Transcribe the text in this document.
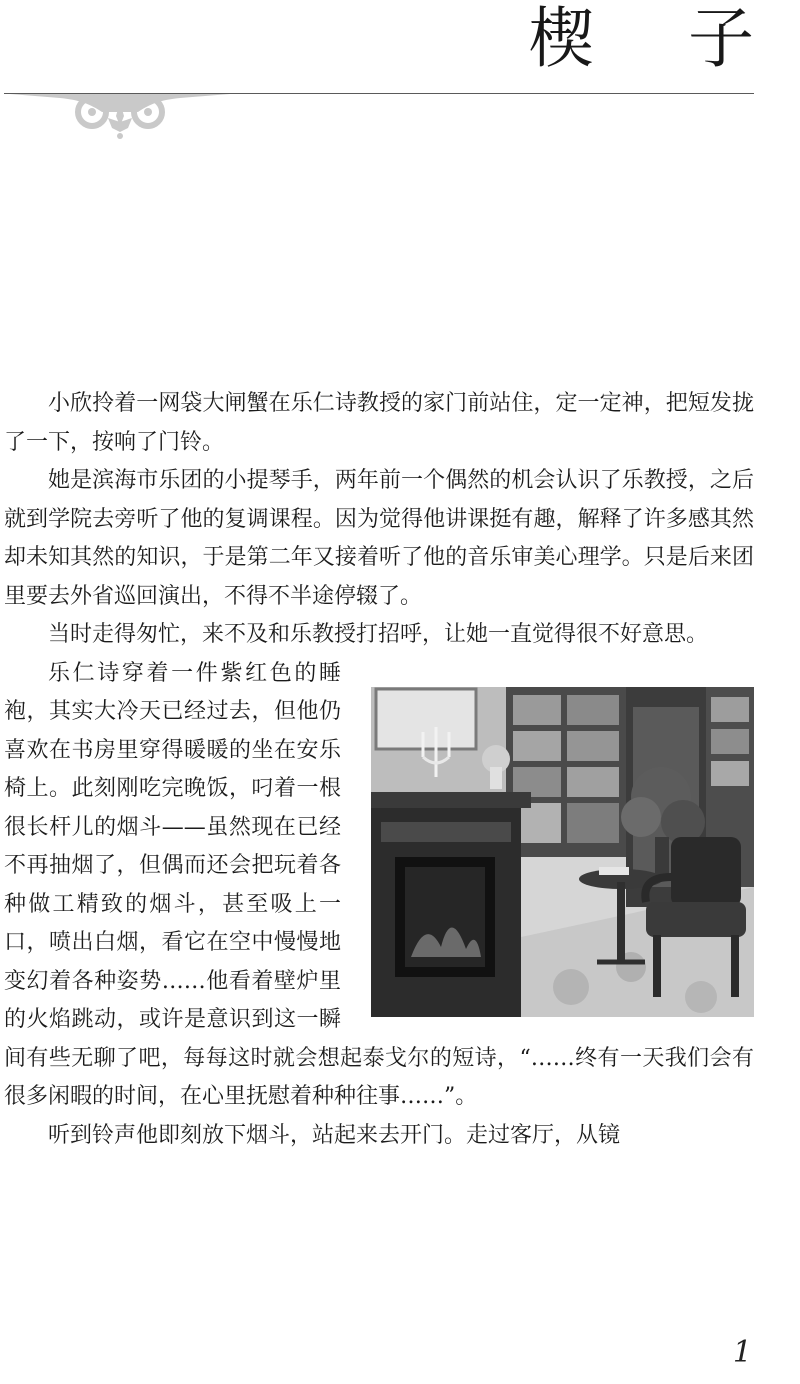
楔 子

小欣拎着一网袋大闸蟹在乐仁诗教授的家门前站住，定一定神，把短发拢了一下，按响了门铃。

她是滨海市乐团的小提琴手，两年前一个偶然的机会认识了乐教授，之后就到学院去旁听了他的复调课程。因为觉得他讲课挺有趣，解释了许多感其然却未知其然的知识，于是第二年又接着听了他的音乐审美心理学。只是后来团里要去外省巡回演出，不得不半途停辍了。

当时走得匆忙，来不及和乐教授打招呼，让她一直觉得很不好意思。

乐仁诗穿着一件紫红色的睡袍，其实大冷天已经过去，但他仍喜欢在书房里穿得暖暖的坐在安乐椅上。此刻刚吃完晚饭，叼着一根很长杆儿的烟斗——虽然现在已经不再抽烟了，但偶而还会把玩着各种做工精致的烟斗，甚至吸上一口，喷出白烟，看它在空中慢慢地变幻着各种姿势……他看着壁炉里的火焰跳动，或许是意识到这一瞬间有些无聊了吧，每每这时就会想起泰戈尔的短诗，“……终有一天我们会有很多闲暇的时间，在心里抚慰着种种往事……”。

听到铃声他即刻放下烟斗，站起来去开门。走过客厅，从镜

1
